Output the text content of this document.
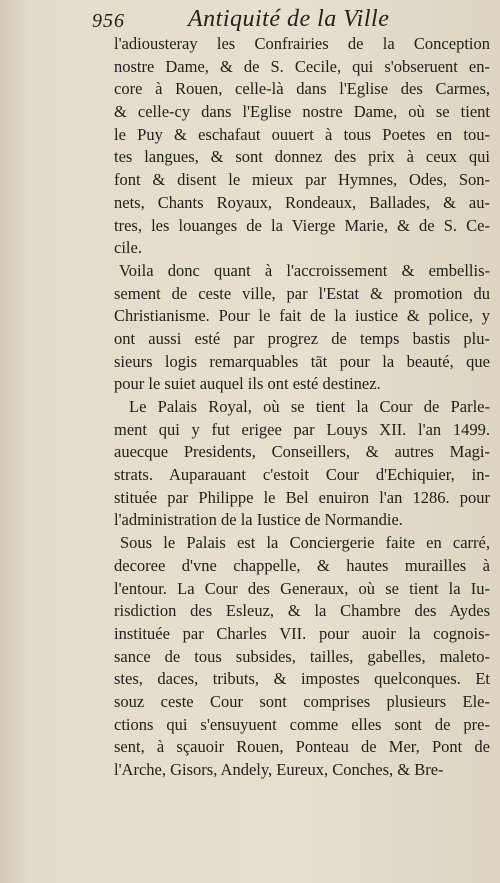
956	Antiquité de la Ville
l'adiousteray les Confrairies de la Conception
nostre Dame, & de S. Cecile, qui s'obseruent en-
core à Rouen, celle-là dans l'Eglise des Carmes,
& celle-cy dans l'Eglise nostre Dame, où se tient
le Puy & eschafaut ouuert à tous Poetes en tou-
tes langues, & sont donnez des prix à ceux qui
font & disent le mieux par Hymnes, Odes, Son-
nets, Chants Royaux, Rondeaux, Ballades, & au-
tres, les louanges de la Vierge Marie, & de S. Ce-
cile.
Voila donc quant à l'accroissement & embellis-
sement de ceste ville, par l'Estat & promotion du
Christianisme. Pour le fait de la iustice & police, y
ont aussi esté par progrez de temps bastis plu-
sieurs logis remarquables tāt pour la beauté, que
pour le suiet auquel ils ont esté destinez.
Le Palais Royal, où se tient la Cour de Parle-
ment qui y fut erigee par Louys XII. l'an 1499.
auecque Presidents, Conseillers, & autres Magi-
strats. Auparauant c'estoit Cour d'Echiquier, in-
stituée par Philippe le Bel enuiron l'an 1286. pour
l'administration de la Iustice de Normandie.
Sous le Palais est la Conciergerie faite en carré,
decoree d'vne chappelle, & hautes murailles à
l'entour. La Cour des Generaux, où se tient la Iu-
risdiction des Esleuz, & la Chambre des Aydes
instituée par Charles VII. pour auoir la cognois-
sance de tous subsides, tailles, gabelles, maleto-
stes, daces, tributs, & impostes quelconques. Et
souz ceste Cour sont comprises plusieurs Ele-
ctions qui s'ensuyuent comme elles sont de pre-
sent, à sçauoir Rouen, Ponteau de Mer, Pont de
l'Arche, Gisors, Andely, Eureux, Conches, & Bre-
